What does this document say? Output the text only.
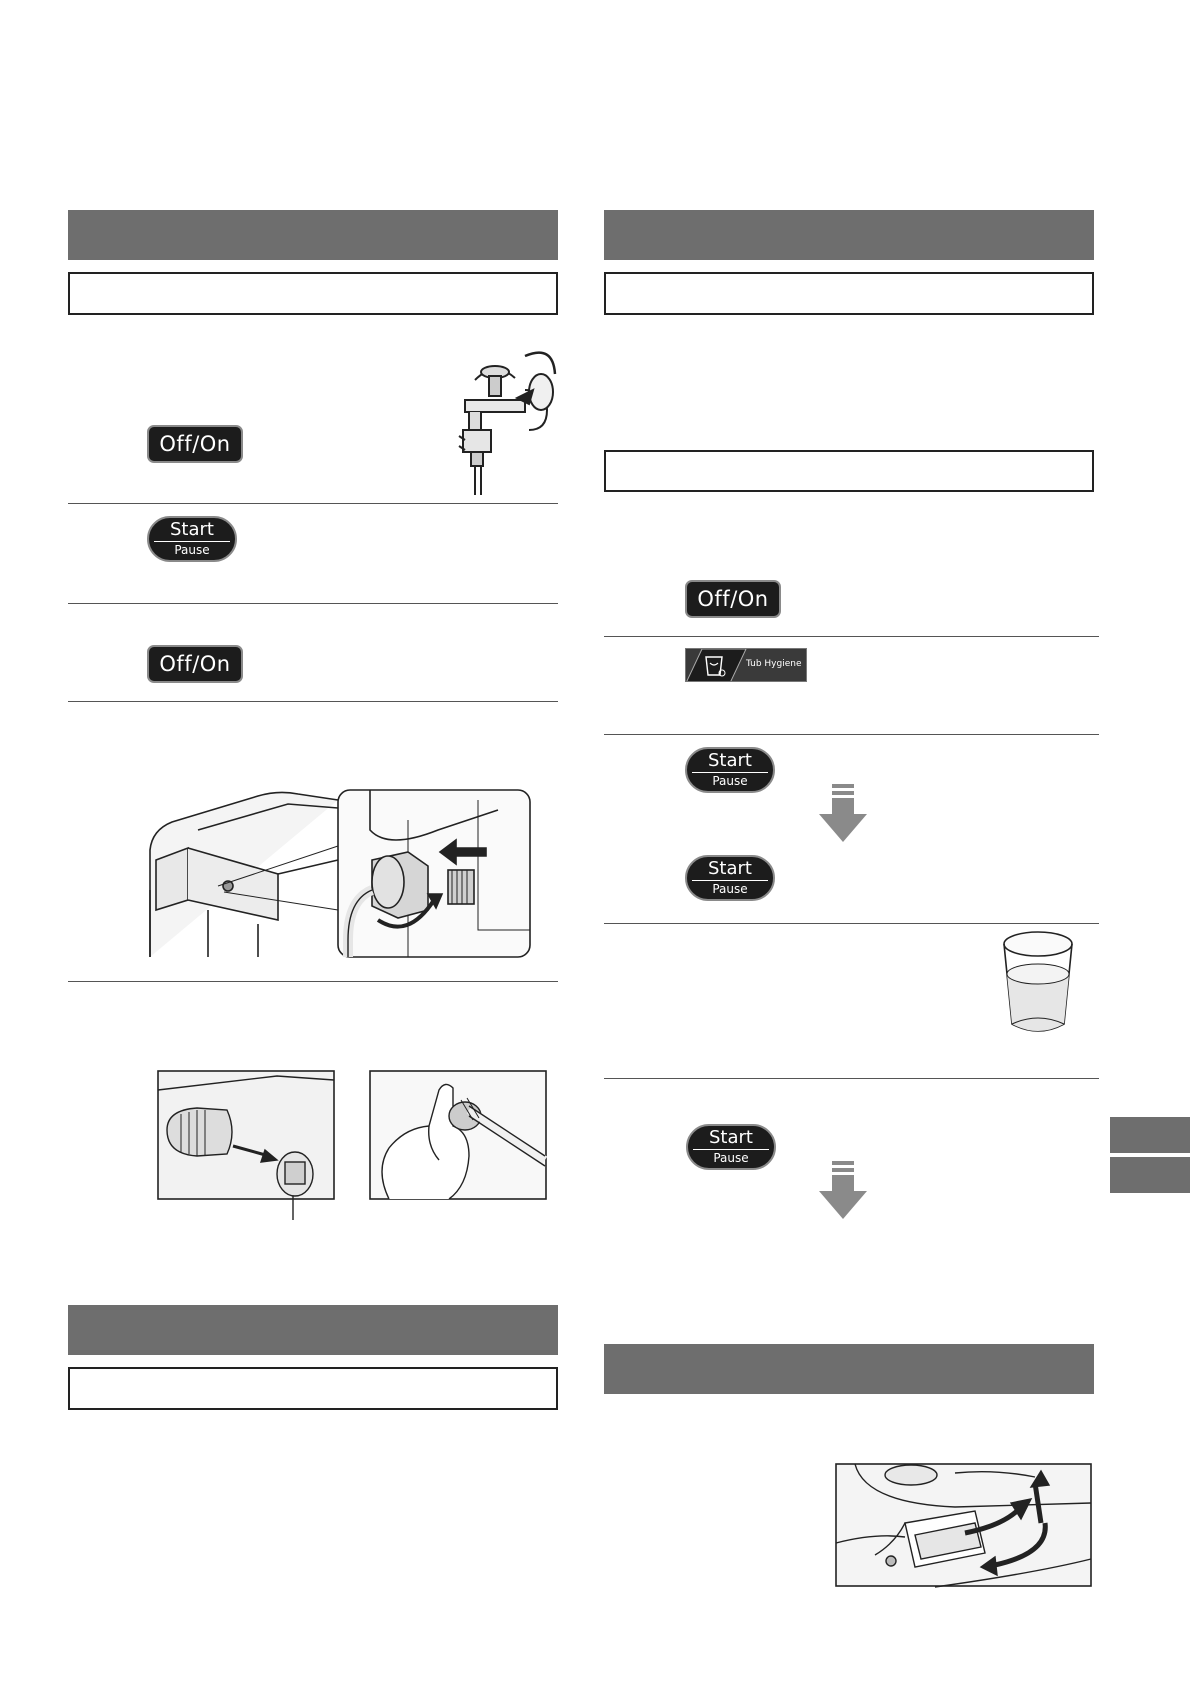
Off/On
Start
Pause
Off/On
Off/On
Tub Hygiene
Start
Pause
Start
Pause
Start
Pause
